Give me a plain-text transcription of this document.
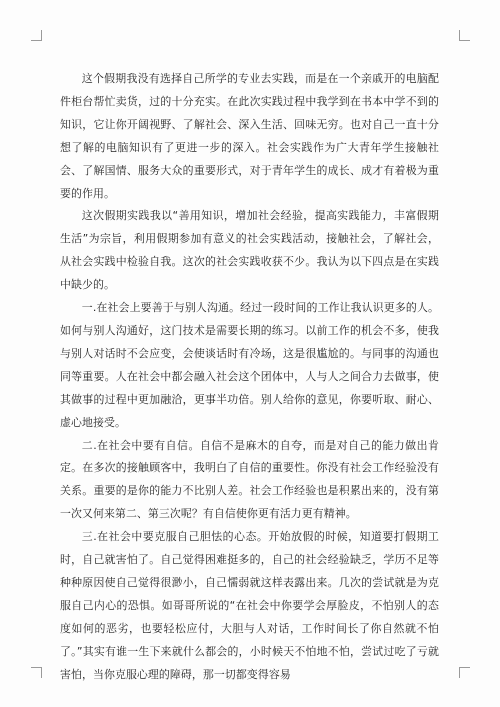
这个假期我没有选择自己所学的专业去实践，而是在一个亲戚开的电脑配件柜台帮忙卖货，过的十分充实。在此次实践过程中我学到在书本中学不到的知识，它让你开阔视野、了解社会、深入生活、回味无穷。也对自己一直十分想了解的电脑知识有了更进一步的深入。社会实践作为广大青年学生接触社会、了解国情、服务大众的重要形式，对于青年学生的成长、成才有着极为重要的作用。

这次假期实践我以“善用知识，增加社会经验，提高实践能力，丰富假期生活”为宗旨，利用假期参加有意义的社会实践活动，接触社会，了解社会，从社会实践中检验自我。这次的社会实践收获不少。我认为以下四点是在实践中缺少的。

一.在社会上要善于与别人沟通。经过一段时间的工作让我认识更多的人。如何与别人沟通好，这门技术是需要长期的练习。以前工作的机会不多，使我与别人对话时不会应变，会使谈话时有冷场，这是很尴尬的。与同事的沟通也同等重要。人在社会中都会融入社会这个团体中，人与人之间合力去做事，使其做事的过程中更加融洽，更事半功倍。别人给你的意见，你要听取、耐心、虚心地接受。

二.在社会中要有自信。自信不是麻木的自夸，而是对自己的能力做出肯定。在多次的接触顾客中，我明白了自信的重要性。你没有社会工作经验没有关系。重要的是你的能力不比别人差。社会工作经验也是积累出来的，没有第一次又何来第二、第三次呢？有自信使你更有活力更有精神。

三.在社会中要克服自己胆怯的心态。开始放假的时候，知道要打假期工时，自己就害怕了。自己觉得困难挺多的，自己的社会经验缺乏，学历不足等种种原因使自己觉得很渺小，自己懦弱就这样表露出来。几次的尝试就是为克服自己内心的恐惧。如哥哥所说的“在社会中你要学会厚脸皮，不怕别人的态度如何的恶劣，也要轻松应付，大胆与人对话，工作时间长了你自然就不怕了。”其实有谁一生下来就什么都会的，小时候天不怕地不怕，尝试过吃了亏就害怕，当你克服心理的障碍，那一切都变得容易
